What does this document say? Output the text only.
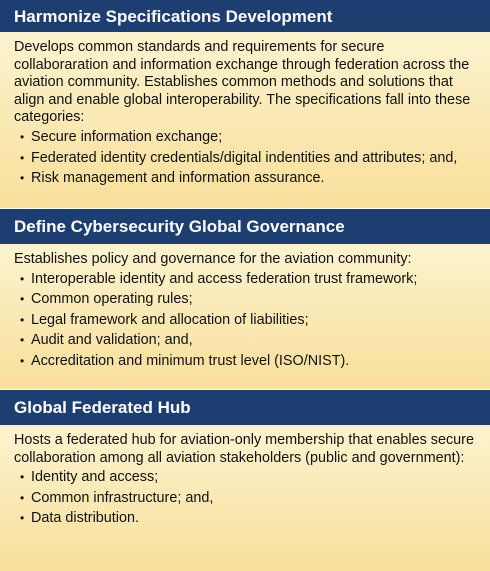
Harmonize Specifications Development

Develops common standards and requirements for secure collaboraration and information exchange through federation across the aviation community. Establishes common methods and solutions that align and enable global interoperability. The specifications fall into these categories:

• Secure information exchange;
• Federated identity credentials/digital indentities and attributes; and,
• Risk management and information assurance.
Define Cybersecurity Global Governance

Establishes policy and governance for the aviation community:

• Interoperable identity and access federation trust framework;
• Common operating rules;
• Legal framework and allocation of liabilities;
• Audit and validation; and,
• Accreditation and minimum trust level (ISO/NIST).
Global Federated Hub

Hosts a federated hub for aviation-only membership that enables secure collaboration among all aviation stakeholders (public and government):

• Identity and access;
• Common infrastructure; and,
• Data distribution.
